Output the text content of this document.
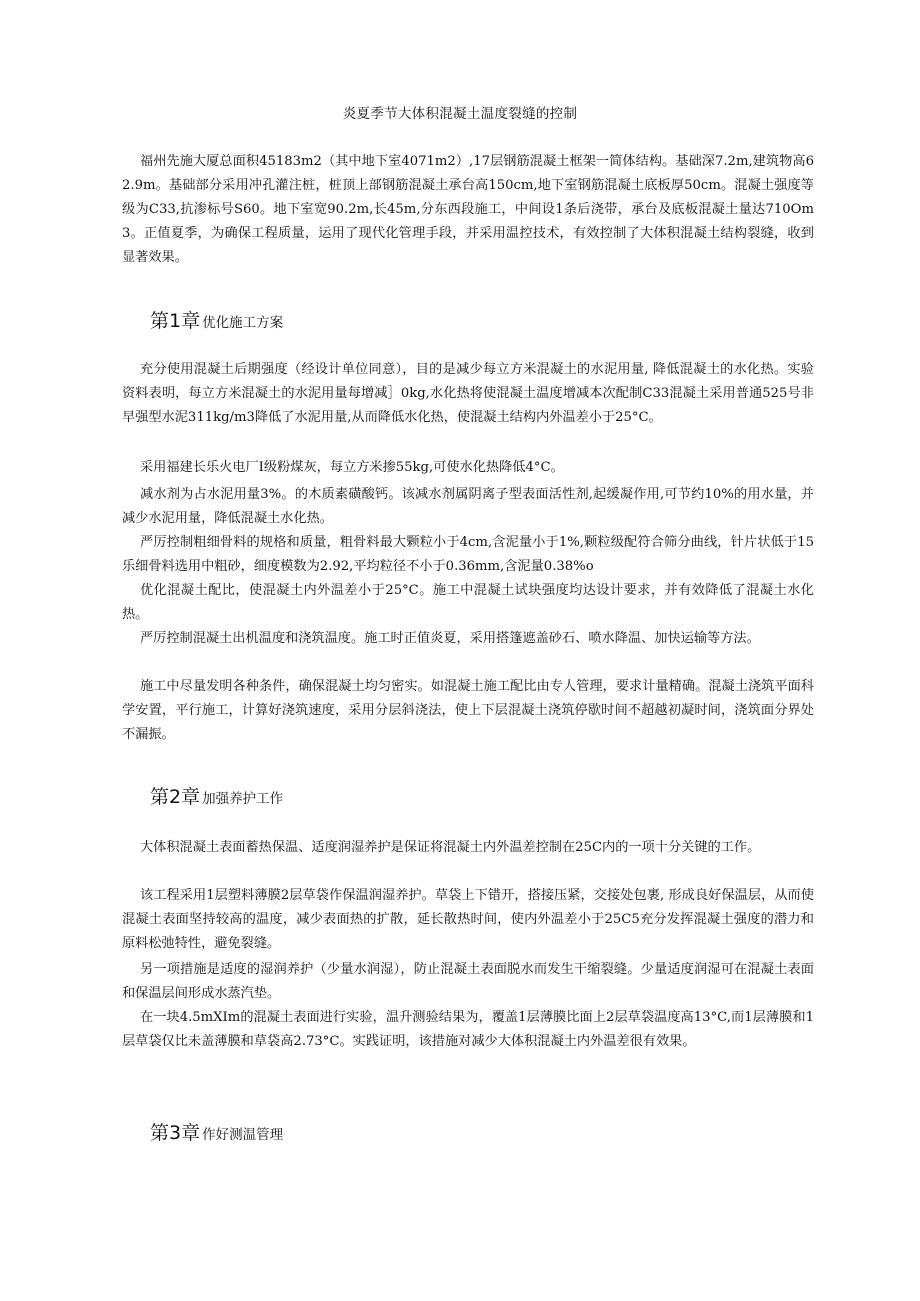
炎夏季节大体积混凝土温度裂缝的控制

福州先施大厦总面积45183m2（其中地下室4071m2）,17层钢筋混凝土框架一简体结构。基础深7.2m,建筑物高62.9m。基础部分采用冲孔灌注桩，桩顶上部钢筋混凝土承台高150cm,地下室钢筋混凝土底板厚50cm。混凝土强度等级为C33,抗渗标号S60。地下室宽90.2m,长45m,分东西段施工，中间设1条后浇带，承台及底板混凝土量达710Om3。正值夏季，为确保工程质量，运用了现代化管理手段，并采用温控技术，有效控制了大体积混凝土结构裂缝，收到显著效果。

第1章 优化施工方案

充分使用混凝土后期强度（经设计单位同意），目的是减少每立方米混凝土的水泥用量, 降低混凝土的水化热。实验资料表明，每立方米混凝土的水泥用量每增减］0kg,水化热将使混凝土温度增减本次配制C33混凝土采用普通525号非早强型水泥311kg/m3降低了水泥用量,从而降低水化热，使混凝土结构内外温差小于25°C。

采用福建长乐火电厂I级粉煤灰，每立方米掺55kg,可使水化热降低4°C。

减水剂为占水泥用量3%。的木质素磺酸钙。该减水剂属阴离子型表面活性剂,起缓凝作用,可节约10%的用水量，并减少水泥用量，降低混凝土水化热。

严厉控制粗细骨料的规格和质量，粗骨料最大颗粒小于4cm,含泥量小于1%,颗粒级配符合筛分曲线，针片状低于15乐细骨料选用中粗砂，细度模数为2.92,平均粒径不小于0.36mm,含泥量0.38%o

优化混凝土配比，使混凝土内外温差小于25°C。施工中混凝土试块强度均达设计要求，并有效降低了混凝土水化热。

严厉控制混凝土出机温度和浇筑温度。施工时正值炎夏，采用搭篷遮盖砂石、喷水降温、加快运输等方法。

施工中尽量发明各种条件，确保混凝土均匀密实。如混凝土施工配比由专人管理，要求计量精确。混凝土浇筑平面科学安置，平行施工，计算好浇筑速度，采用分层斜浇法，使上下层混凝土浇筑停歇时间不超越初凝时间，浇筑面分界处不漏振。

第2章 加强养护工作

大体积混凝土表面蓄热保温、适度润湿养护是保证将混凝土内外温差控制在25C内的一项十分关键的工作。

该工程采用1层塑料薄膜2层草袋作保温润湿养护。草袋上下错开，搭接压紧，交接处包裹, 形成良好保温层，从而使混凝土表面坚持较高的温度，减少表面热的扩散，延长散热时间，使内外温差小于25C5充分发挥混凝土强度的潜力和原料松弛特性，避免裂缝。

另一项措施是适度的湿润养护（少量水润湿），防止混凝土表面脱水而发生干缩裂缝。少量适度润湿可在混凝土表面和保温层间形成水蒸汽垫。

在一块4.5mXIm的混凝土表面进行实验，温升测验结果为，覆盖1层薄膜比面上2层草袋温度高13°C,而1层薄膜和1层草袋仅比未盖薄膜和草袋高2.73°C。实践证明，该措施对减少大体积混凝土内外温差很有效果。

第3章 作好测温管理
